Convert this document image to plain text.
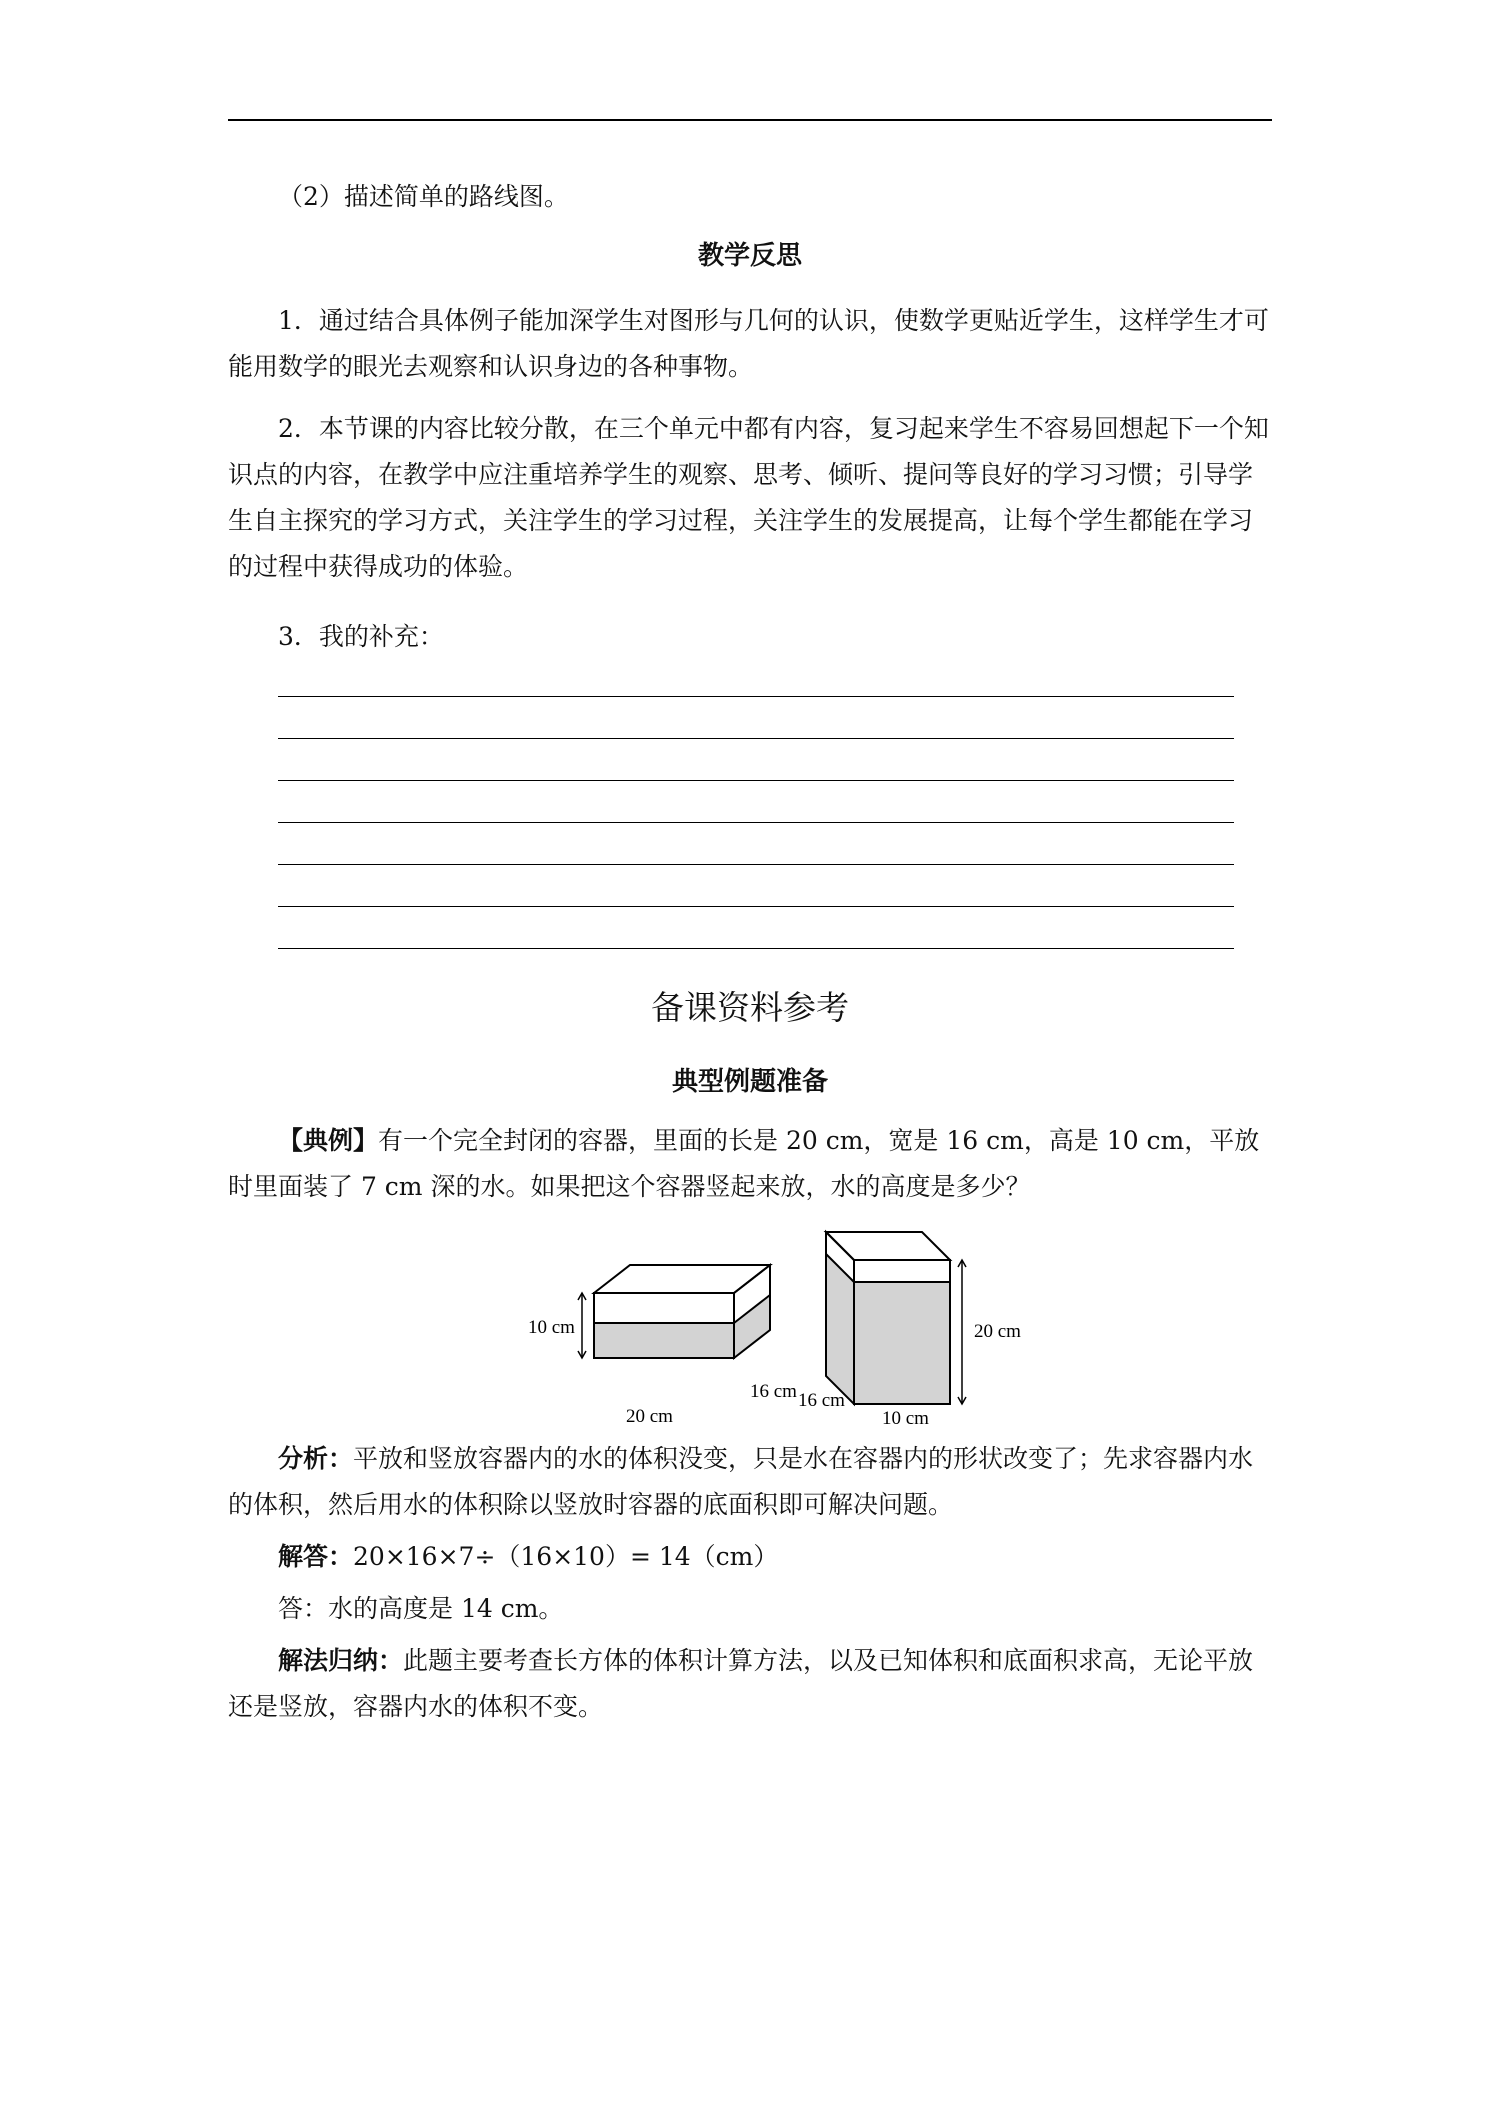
（2）描述简单的路线图。

教学反思

1．通过结合具体例子能加深学生对图形与几何的认识，使数学更贴近学生，这样学生才可能用数学的眼光去观察和认识身边的各种事物。

2．本节课的内容比较分散，在三个单元中都有内容，复习起来学生不容易回想起下一个知识点的内容，在教学中应注重培养学生的观察、思考、倾听、提问等良好的学习习惯；引导学生自主探究的学习方式，关注学生的学习过程，关注学生的发展提高，让每个学生都能在学习的过程中获得成功的体验。

3．我的补充：

备课资料参考

典型例题准备

【典例】有一个完全封闭的容器，里面的长是 20 cm，宽是 16 cm，高是 10 cm，平放时里面装了 7 cm 深的水。如果把这个容器竖起来放，水的高度是多少？

10 cm
16 cm
20 cm
20 cm
16 cm
10 cm

分析：平放和竖放容器内的水的体积没变，只是水在容器内的形状改变了；先求容器内水的体积，然后用水的体积除以竖放时容器的底面积即可解决问题。

解答：20×16×7÷（16×10）= 14（cm）

答：水的高度是 14 cm。

解法归纳：此题主要考查长方体的体积计算方法，以及已知体积和底面积求高，无论平放还是竖放，容器内水的体积不变。
